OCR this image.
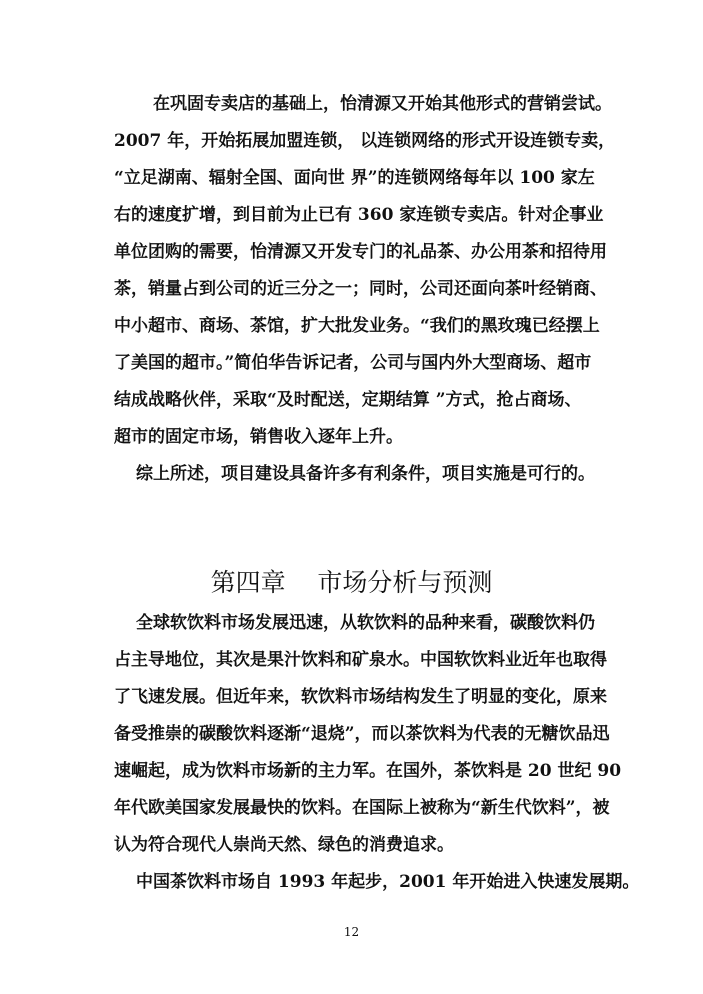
在巩固专卖店的基础上，怡清源又开始其他形式的营销尝试。
2007 年，开始拓展加盟连锁， 以连锁网络的形式开设连锁专卖，
“立足湖南、辐射全国、面向世 界”的连锁网络每年以 100 家左
右的速度扩增，到目前为止已有 360 家连锁专卖店。针对企事业
单位团购的需要，怡清源又开发专门的礼品茶、办公用茶和招待用
茶，销量占到公司的近三分之一；同时，公司还面向茶叶经销商、
中小超市、商场、茶馆，扩大批发业务。“我们的黑玫瑰已经摆上
了美国的超市。”简伯华告诉记者，公司与国内外大型商场、超市
结成战略伙伴，采取“及时配送，定期结算 ”方式，抢占商场、
超市的固定市场，销售收入逐年上升。
综上所述，项目建设具备许多有利条件，项目实施是可行的。
第四章    市场分析与预测
全球软饮料市场发展迅速，从软饮料的品种来看，碳酸饮料仍
占主导地位，其次是果汁饮料和矿泉水。中国软饮料业近年也取得
了飞速发展。但近年来，软饮料市场结构发生了明显的变化，原来
备受推崇的碳酸饮料逐渐“退烧”，而以茶饮料为代表的无糖饮品迅
速崛起，成为饮料市场新的主力军。在国外，茶饮料是 20 世纪 90
年代欧美国家发展最快的饮料。在国际上被称为“新生代饮料”，被
认为符合现代人崇尚天然、绿色的消费追求。
中国茶饮料市场自 1993 年起步，2001 年开始进入快速发展期。
12
